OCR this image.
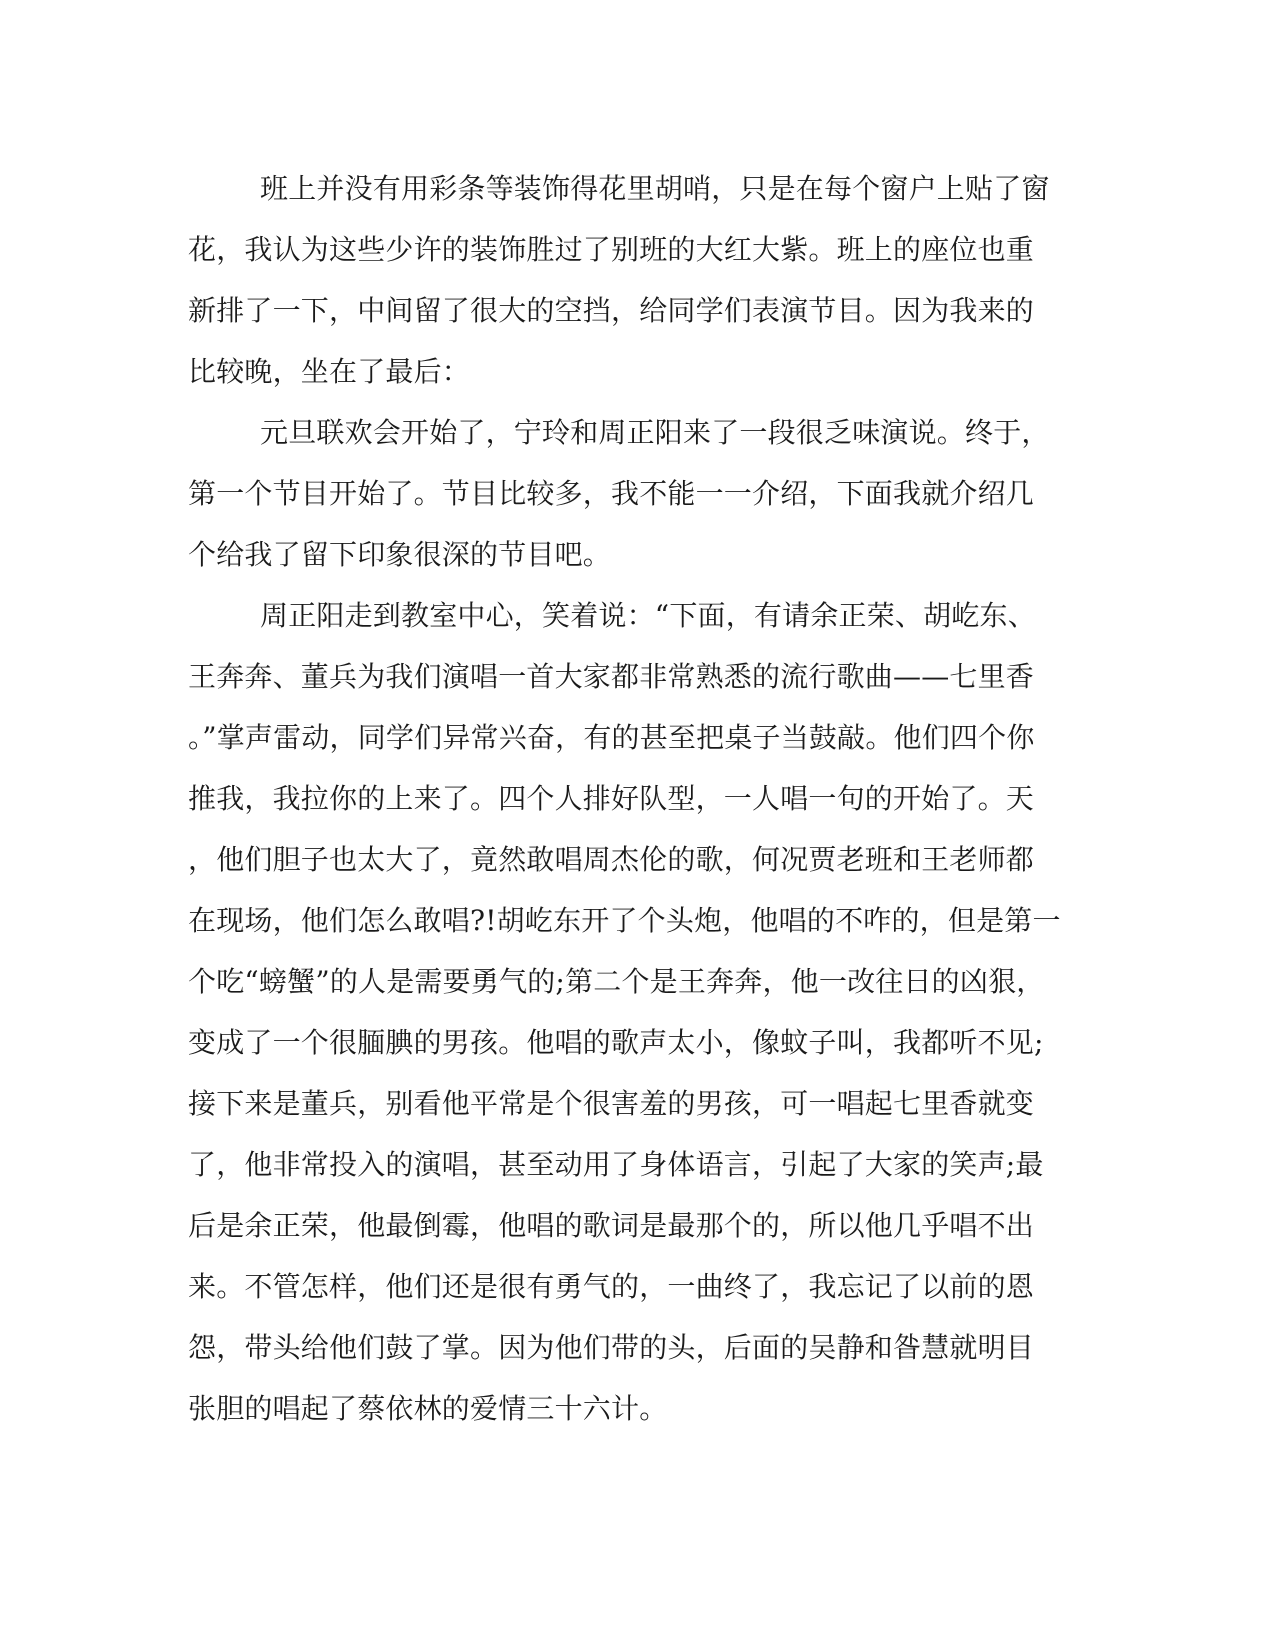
班上并没有用彩条等装饰得花里胡哨，只是在每个窗户上贴了窗
花，我认为这些少许的装饰胜过了别班的大红大紫。班上的座位也重
新排了一下，中间留了很大的空挡，给同学们表演节目。因为我来的
比较晚，坐在了最后：
元旦联欢会开始了，宁玲和周正阳来了一段很乏味演说。终于，
第一个节目开始了。节目比较多，我不能一一介绍，下面我就介绍几
个给我了留下印象很深的节目吧。
周正阳走到教室中心，笑着说：“下面，有请余正荣、胡屹东、
王奔奔、董兵为我们演唱一首大家都非常熟悉的流行歌曲——七里香
。”掌声雷动，同学们异常兴奋，有的甚至把桌子当鼓敲。他们四个你
推我，我拉你的上来了。四个人排好队型，一人唱一句的开始了。天
，他们胆子也太大了，竟然敢唱周杰伦的歌，何况贾老班和王老师都
在现场，他们怎么敢唱?!胡屹东开了个头炮，他唱的不咋的，但是第一
个吃“螃蟹”的人是需要勇气的;第二个是王奔奔，他一改往日的凶狠，
变成了一个很腼腆的男孩。他唱的歌声太小，像蚊子叫，我都听不见;
接下来是董兵，别看他平常是个很害羞的男孩，可一唱起七里香就变
了，他非常投入的演唱，甚至动用了身体语言，引起了大家的笑声;最
后是余正荣，他最倒霉，他唱的歌词是最那个的，所以他几乎唱不出
来。不管怎样，他们还是很有勇气的，一曲终了，我忘记了以前的恩
怨，带头给他们鼓了掌。因为他们带的头，后面的吴静和昝慧就明目
张胆的唱起了蔡依林的爱情三十六计。
